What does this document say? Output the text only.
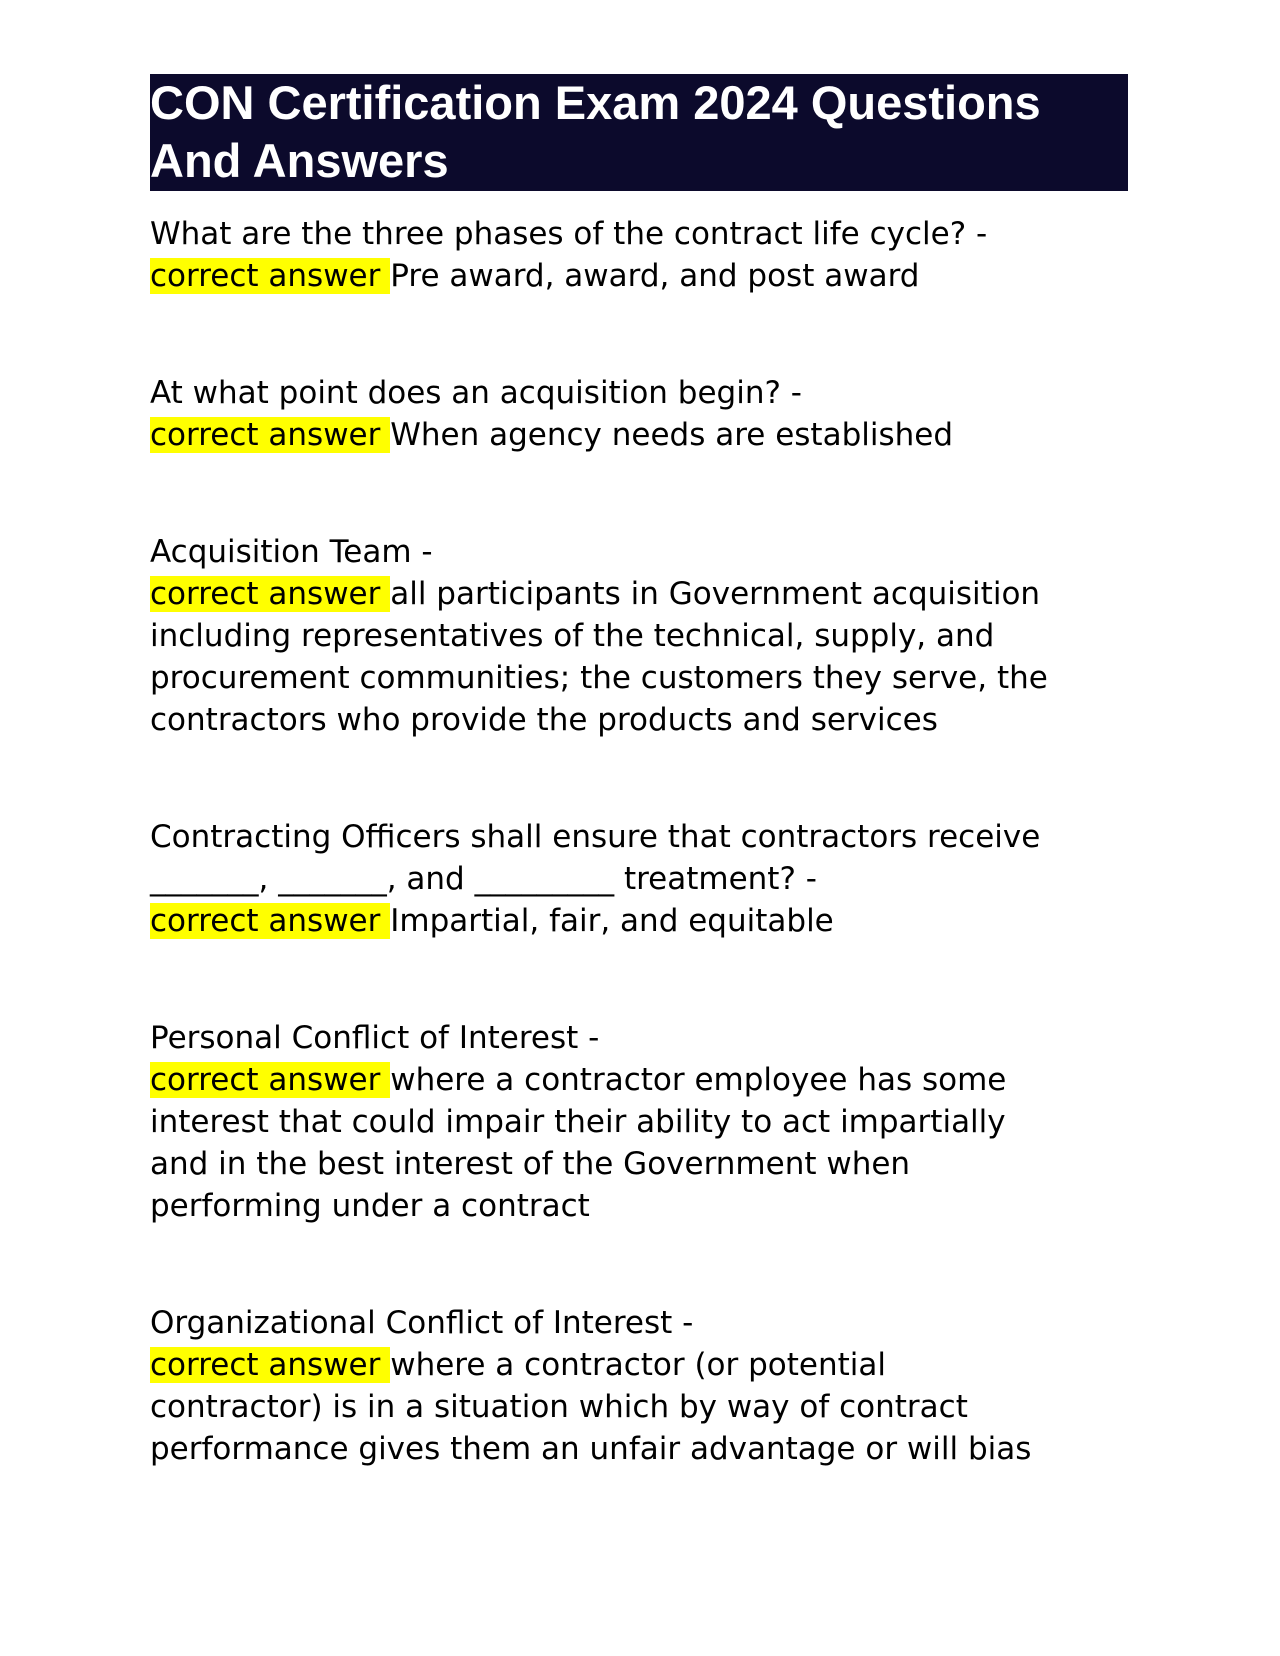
CON Certification Exam 2024 Questions
And Answers
What are the three phases of the contract life cycle? -
correct answer Pre award, award, and post award
At what point does an acquisition begin? -
correct answer When agency needs are established
Acquisition Team -
correct answer all participants in Government acquisition
including representatives of the technical, supply, and
procurement communities; the customers they serve, the
contractors who provide the products and services
Contracting Officers shall ensure that contractors receive
_______, _______, and _________ treatment? -
correct answer Impartial, fair, and equitable
Personal Conflict of Interest -
correct answer where a contractor employee has some
interest that could impair their ability to act impartially
and in the best interest of the Government when
performing under a contract
Organizational Conflict of Interest -
correct answer where a contractor (or potential
contractor) is in a situation which by way of contract
performance gives them an unfair advantage or will bias
